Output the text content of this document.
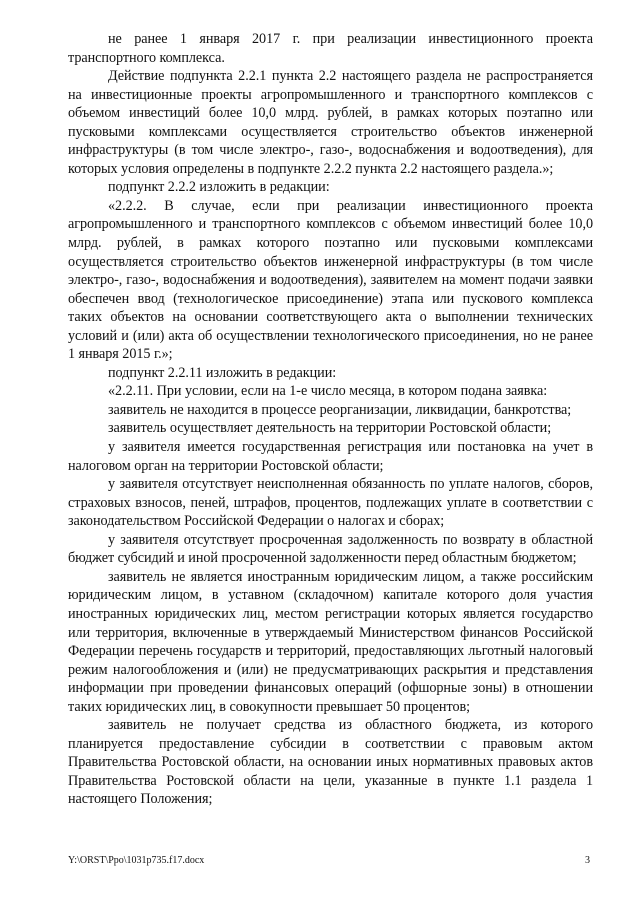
не ранее 1 января 2017 г. при реализации инвестиционного проекта транспортного комплекса.

Действие подпункта 2.2.1 пункта 2.2 настоящего раздела не распространяется на инвестиционные проекты агропромышленного и транспортного комплексов с объемом инвестиций более 10,0 млрд. рублей, в рамках которых поэтапно или пусковыми комплексами осуществляется строительство объектов инженерной инфраструктуры (в том числе электро-, газо-, водоснабжения и водоотведения), для которых условия определены в подпункте 2.2.2 пункта 2.2 настоящего раздела.»;

подпункт 2.2.2 изложить в редакции:

«2.2.2. В случае, если при реализации инвестиционного проекта агропромышленного и транспортного комплексов с объемом инвестиций более 10,0 млрд. рублей, в рамках которого поэтапно или пусковыми комплексами осуществляется строительство объектов инженерной инфраструктуры (в том числе электро-, газо-, водоснабжения и водоотведения), заявителем на момент подачи заявки обеспечен ввод (технологическое присоединение) этапа или пускового комплекса таких объектов на основании соответствующего акта о выполнении технических условий и (или) акта об осуществлении технологического присоединения, но не ранее 1 января 2015 г.»;

подпункт 2.2.11 изложить в редакции:

«2.2.11. При условии, если на 1-е число месяца, в котором подана заявка:

заявитель не находится в процессе реорганизации, ликвидации, банкротства;

заявитель осуществляет деятельность на территории Ростовской области;

у заявителя имеется государственная регистрация или постановка на учет в налоговом орган на территории Ростовской области;

у заявителя отсутствует неисполненная обязанность по уплате налогов, сборов, страховых взносов, пеней, штрафов, процентов, подлежащих уплате в соответствии с законодательством Российской Федерации о налогах и сборах;

у заявителя отсутствует просроченная задолженность по возврату в областной бюджет субсидий и иной просроченной задолженности перед областным бюджетом;

заявитель не является иностранным юридическим лицом, а также российским юридическим лицом, в уставном (складочном) капитале которого доля участия иностранных юридических лиц, местом регистрации которых является государство или территория, включенные в утверждаемый Министерством финансов Российской Федерации перечень государств и территорий, предоставляющих льготный налоговый режим налогообложения и (или) не предусматривающих раскрытия и представления информации при проведении финансовых операций (офшорные зоны) в отношении таких юридических лиц, в совокупности превышает 50 процентов;

заявитель не получает средства из областного бюджета, из которого планируется предоставление субсидии в соответствии с правовым актом Правительства Ростовской области, на основании иных нормативных правовых актов Правительства Ростовской области на цели, указанные в пункте 1.1 раздела 1 настоящего Положения;

Y:\ORST\Ppo\1031p735.f17.docx	3
